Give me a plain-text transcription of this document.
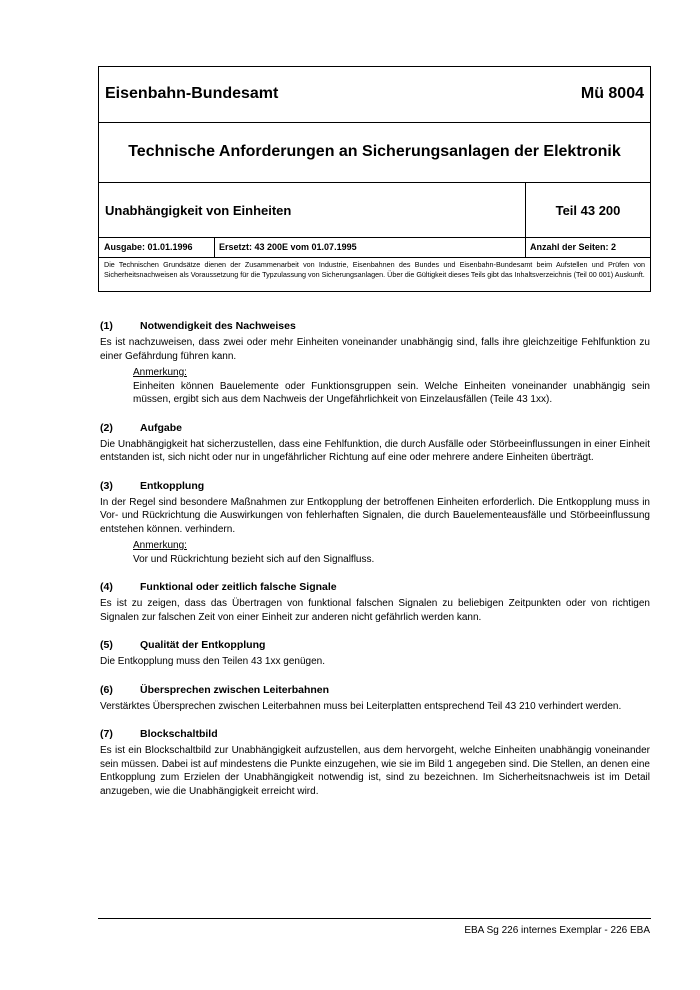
Eisenbahn-Bundesamt	Mü 8004
Technische Anforderungen an Sicherungsanlagen der Elektronik
Unabhängigkeit von Einheiten	Teil 43 200
Ausgabe: 01.01.1996	Ersetzt: 43 200E vom 01.07.1995	Anzahl der Seiten: 2
Die Technischen Grundsätze dienen der Zusammenarbeit von Industrie, Eisenbahnen des Bundes und Eisenbahn-Bundesamt beim Aufstellen und Prüfen von Sicherheitsnachweisen als Voraussetzung für die Typzulassung von Sicherungsanlagen. Über die Gültigkeit dieses Teils gibt das Inhaltsverzeichnis (Teil 00 001) Auskunft.
(1)	Notwendigkeit des Nachweises

Es ist nachzuweisen, dass zwei oder mehr Einheiten voneinander unabhängig sind, falls ihre gleichzeitige Fehlfunktion zu einer Gefährdung führen kann.

Anmerkung:

Einheiten können Bauelemente oder Funktionsgruppen sein. Welche Einheiten voneinander unabhängig sein müssen, ergibt sich aus dem Nachweis der Ungefährlichkeit von Einzelausfällen (Teile 43 1xx).

(2)	Aufgabe

Die Unabhängigkeit hat sicherzustellen, dass eine Fehlfunktion, die durch Ausfälle oder Störbeeinflussungen in einer Einheit entstanden ist, sich nicht oder nur in ungefährlicher Richtung auf eine oder mehrere andere Einheiten überträgt.

(3)	Entkopplung

In der Regel sind besondere Maßnahmen zur Entkopplung der betroffenen Einheiten erforderlich. Die Entkopplung muss in Vor- und Rückrichtung die Auswirkungen von fehlerhaften Signalen, die durch Bauelementeausfälle und Störbeeinflussung entstehen können. verhindern.

Anmerkung:

Vor und Rückrichtung bezieht sich auf den Signalfluss.

(4)	Funktional oder zeitlich falsche Signale

Es ist zu zeigen, dass das Übertragen von funktional falschen Signalen zu beliebigen Zeitpunkten oder von richtigen Signalen zur falschen Zeit von einer Einheit zur anderen nicht gefährlich werden kann.

(5)	Qualität der Entkopplung

Die Entkopplung muss den Teilen 43 1xx genügen.

(6)	Übersprechen zwischen Leiterbahnen

Verstärktes Übersprechen zwischen Leiterbahnen muss bei Leiterplatten entsprechend Teil 43 210 verhindert werden.

(7)	Blockschaltbild

Es ist ein Blockschaltbild zur Unabhängigkeit aufzustellen, aus dem hervorgeht, welche Einheiten unabhängig voneinander sein müssen. Dabei ist auf mindestens die Punkte einzugehen, wie sie im Bild 1 angegeben sind. Die Stellen, an denen eine Entkopplung zum Erzielen der Unabhängigkeit notwendig ist, sind zu bezeichnen. Im Sicherheitsnachweis ist im Detail anzugeben, wie die Unabhängigkeit erreicht wird.

EBA Sg 226 internes Exemplar - 226 EBA
